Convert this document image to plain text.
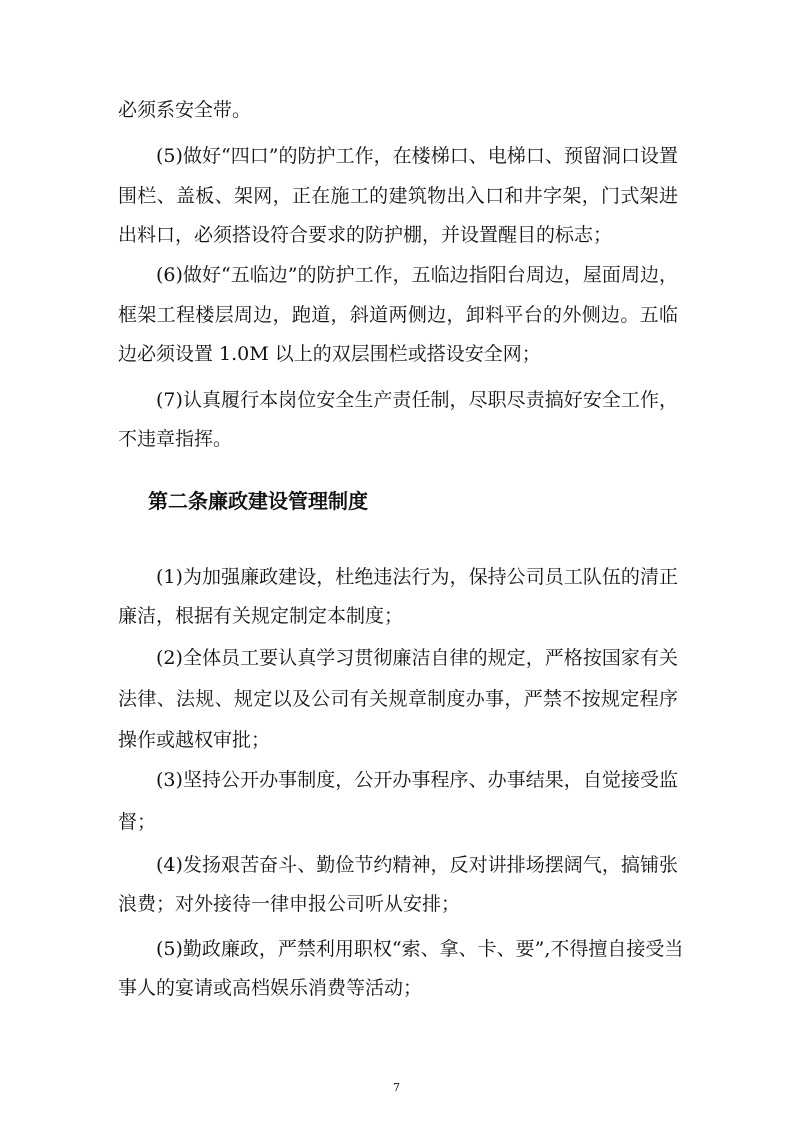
必须系安全带。
(5)做好“四口”的防护工作，在楼梯口、电梯口、预留洞口设置
围栏、盖板、架网，正在施工的建筑物出入口和井字架，门式架进
出料口，必须搭设符合要求的防护棚，并设置醒目的标志；
(6)做好“五临边”的防护工作，五临边指阳台周边，屋面周边，
框架工程楼层周边，跑道，斜道两侧边，卸料平台的外侧边。五临
边必须设置 1.0M 以上的双层围栏或搭设安全网；
(7)认真履行本岗位安全生产责任制，尽职尽责搞好安全工作，
不违章指挥。
第二条廉政建设管理制度
(1)为加强廉政建设，杜绝违法行为，保持公司员工队伍的清正
廉洁，根据有关规定制定本制度；
(2)全体员工要认真学习贯彻廉洁自律的规定，严格按国家有关
法律、法规、规定以及公司有关规章制度办事，严禁不按规定程序
操作或越权审批；
(3)坚持公开办事制度，公开办事程序、办事结果，自觉接受监
督；
(4)发扬艰苦奋斗、勤俭节约精神，反对讲排场摆阔气，搞铺张
浪费；对外接待一律申报公司听从安排；
(5)勤政廉政，严禁利用职权“索、拿、卡、要”,不得擅自接受当
事人的宴请或高档娱乐消费等活动；
7
